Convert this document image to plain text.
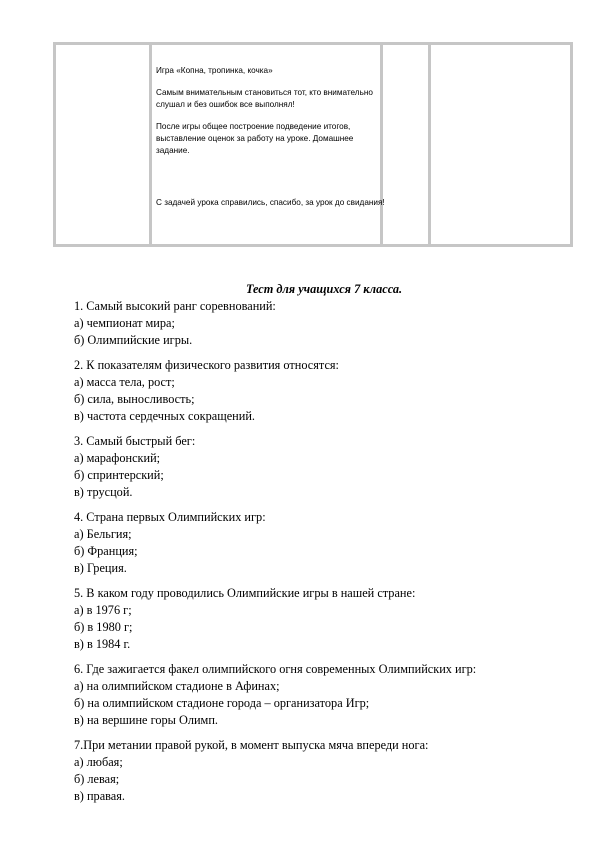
Игра «Копна, тропинка, кочка»

Самым внимательным становиться тот, кто внимательно слушал и без ошибок все выполнял!

После игры общее построение подведение итогов, выставление оценок за работу на уроке. Домашнее задание.

С задачей урока справились, спасибо, за урок до свидания!

Тест для учащихся 7 класса.
1. Самый высокий ранг соревнований:
а) чемпионат мира;
б) Олимпийские игры.
2. К показателям физического развития относятся:
а) масса тела, рост;
б) сила, выносливость;
в) частота сердечных сокращений.
3. Самый быстрый бег:
а) марафонский;
б) спринтерский;
в) трусцой.
4. Страна первых Олимпийских игр:
а) Бельгия;
б) Франция;
в) Греция.
5. В каком году проводились Олимпийские игры в нашей стране:
а) в 1976 г;
б) в 1980 г;
в) в 1984 г.
6. Где зажигается факел олимпийского огня современных Олимпийских игр:
а) на олимпийском стадионе в Афинах;
б) на олимпийском стадионе города – организатора Игр;
в) на вершине горы Олимп.
7.При метании правой рукой, в момент выпуска мяча впереди нога:
а) любая;
б) левая;
в) правая.
